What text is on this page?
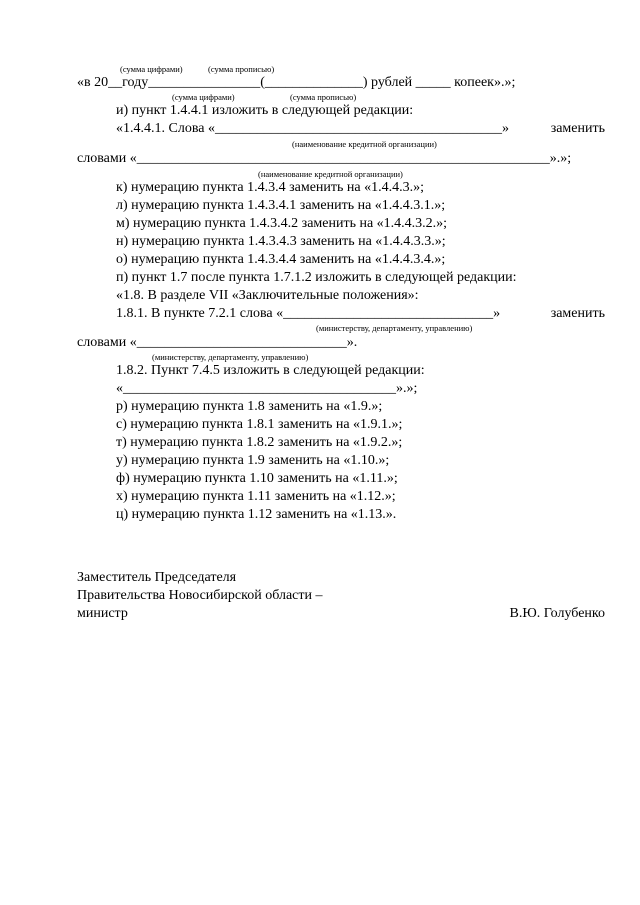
(сумма цифрами)	(сумма прописью)
«в 20__году________________(______________) рублей _____ копеек».»;
(сумма цифрами)	(сумма прописью)
и) пункт 1.4.4.1 изложить в следующей редакции:
«1.4.4.1. Слова «_________________________________________»	заменить
(наименование кредитной организации)
словами «___________________________________________________________».»;
(наименование кредитной организации)
к) нумерацию пункта 1.4.3.4 заменить на «1.4.4.3.»;
л) нумерацию пункта 1.4.3.4.1 заменить на «1.4.4.3.1.»;
м) нумерацию пункта 1.4.3.4.2 заменить на «1.4.4.3.2.»;
н) нумерацию пункта 1.4.3.4.3 заменить на «1.4.4.3.3.»;
о) нумерацию пункта 1.4.3.4.4 заменить на «1.4.4.3.4.»;
п) пункт 1.7 после пункта 1.7.1.2 изложить в следующей редакции:
«1.8. В разделе VII «Заключительные положения»:
1.8.1. В пункте 7.2.1 слова «______________________________»	заменить
(министерству, департаменту, управлению)
словами «______________________________».
(министерству, департаменту, управлению)
1.8.2. Пункт 7.4.5 изложить в следующей редакции:
«_______________________________________».»;
р) нумерацию пункта 1.8 заменить на «1.9.»;
с) нумерацию пункта 1.8.1 заменить на «1.9.1.»;
т) нумерацию пункта 1.8.2 заменить на «1.9.2.»;
у) нумерацию пункта 1.9 заменить на «1.10.»;
ф) нумерацию пункта 1.10 заменить на «1.11.»;
х) нумерацию пункта 1.11 заменить на «1.12.»;
ц) нумерацию пункта 1.12 заменить на «1.13.».
Заместитель Председателя
Правительства Новосибирской области –
министр	В.Ю. Голубенко
